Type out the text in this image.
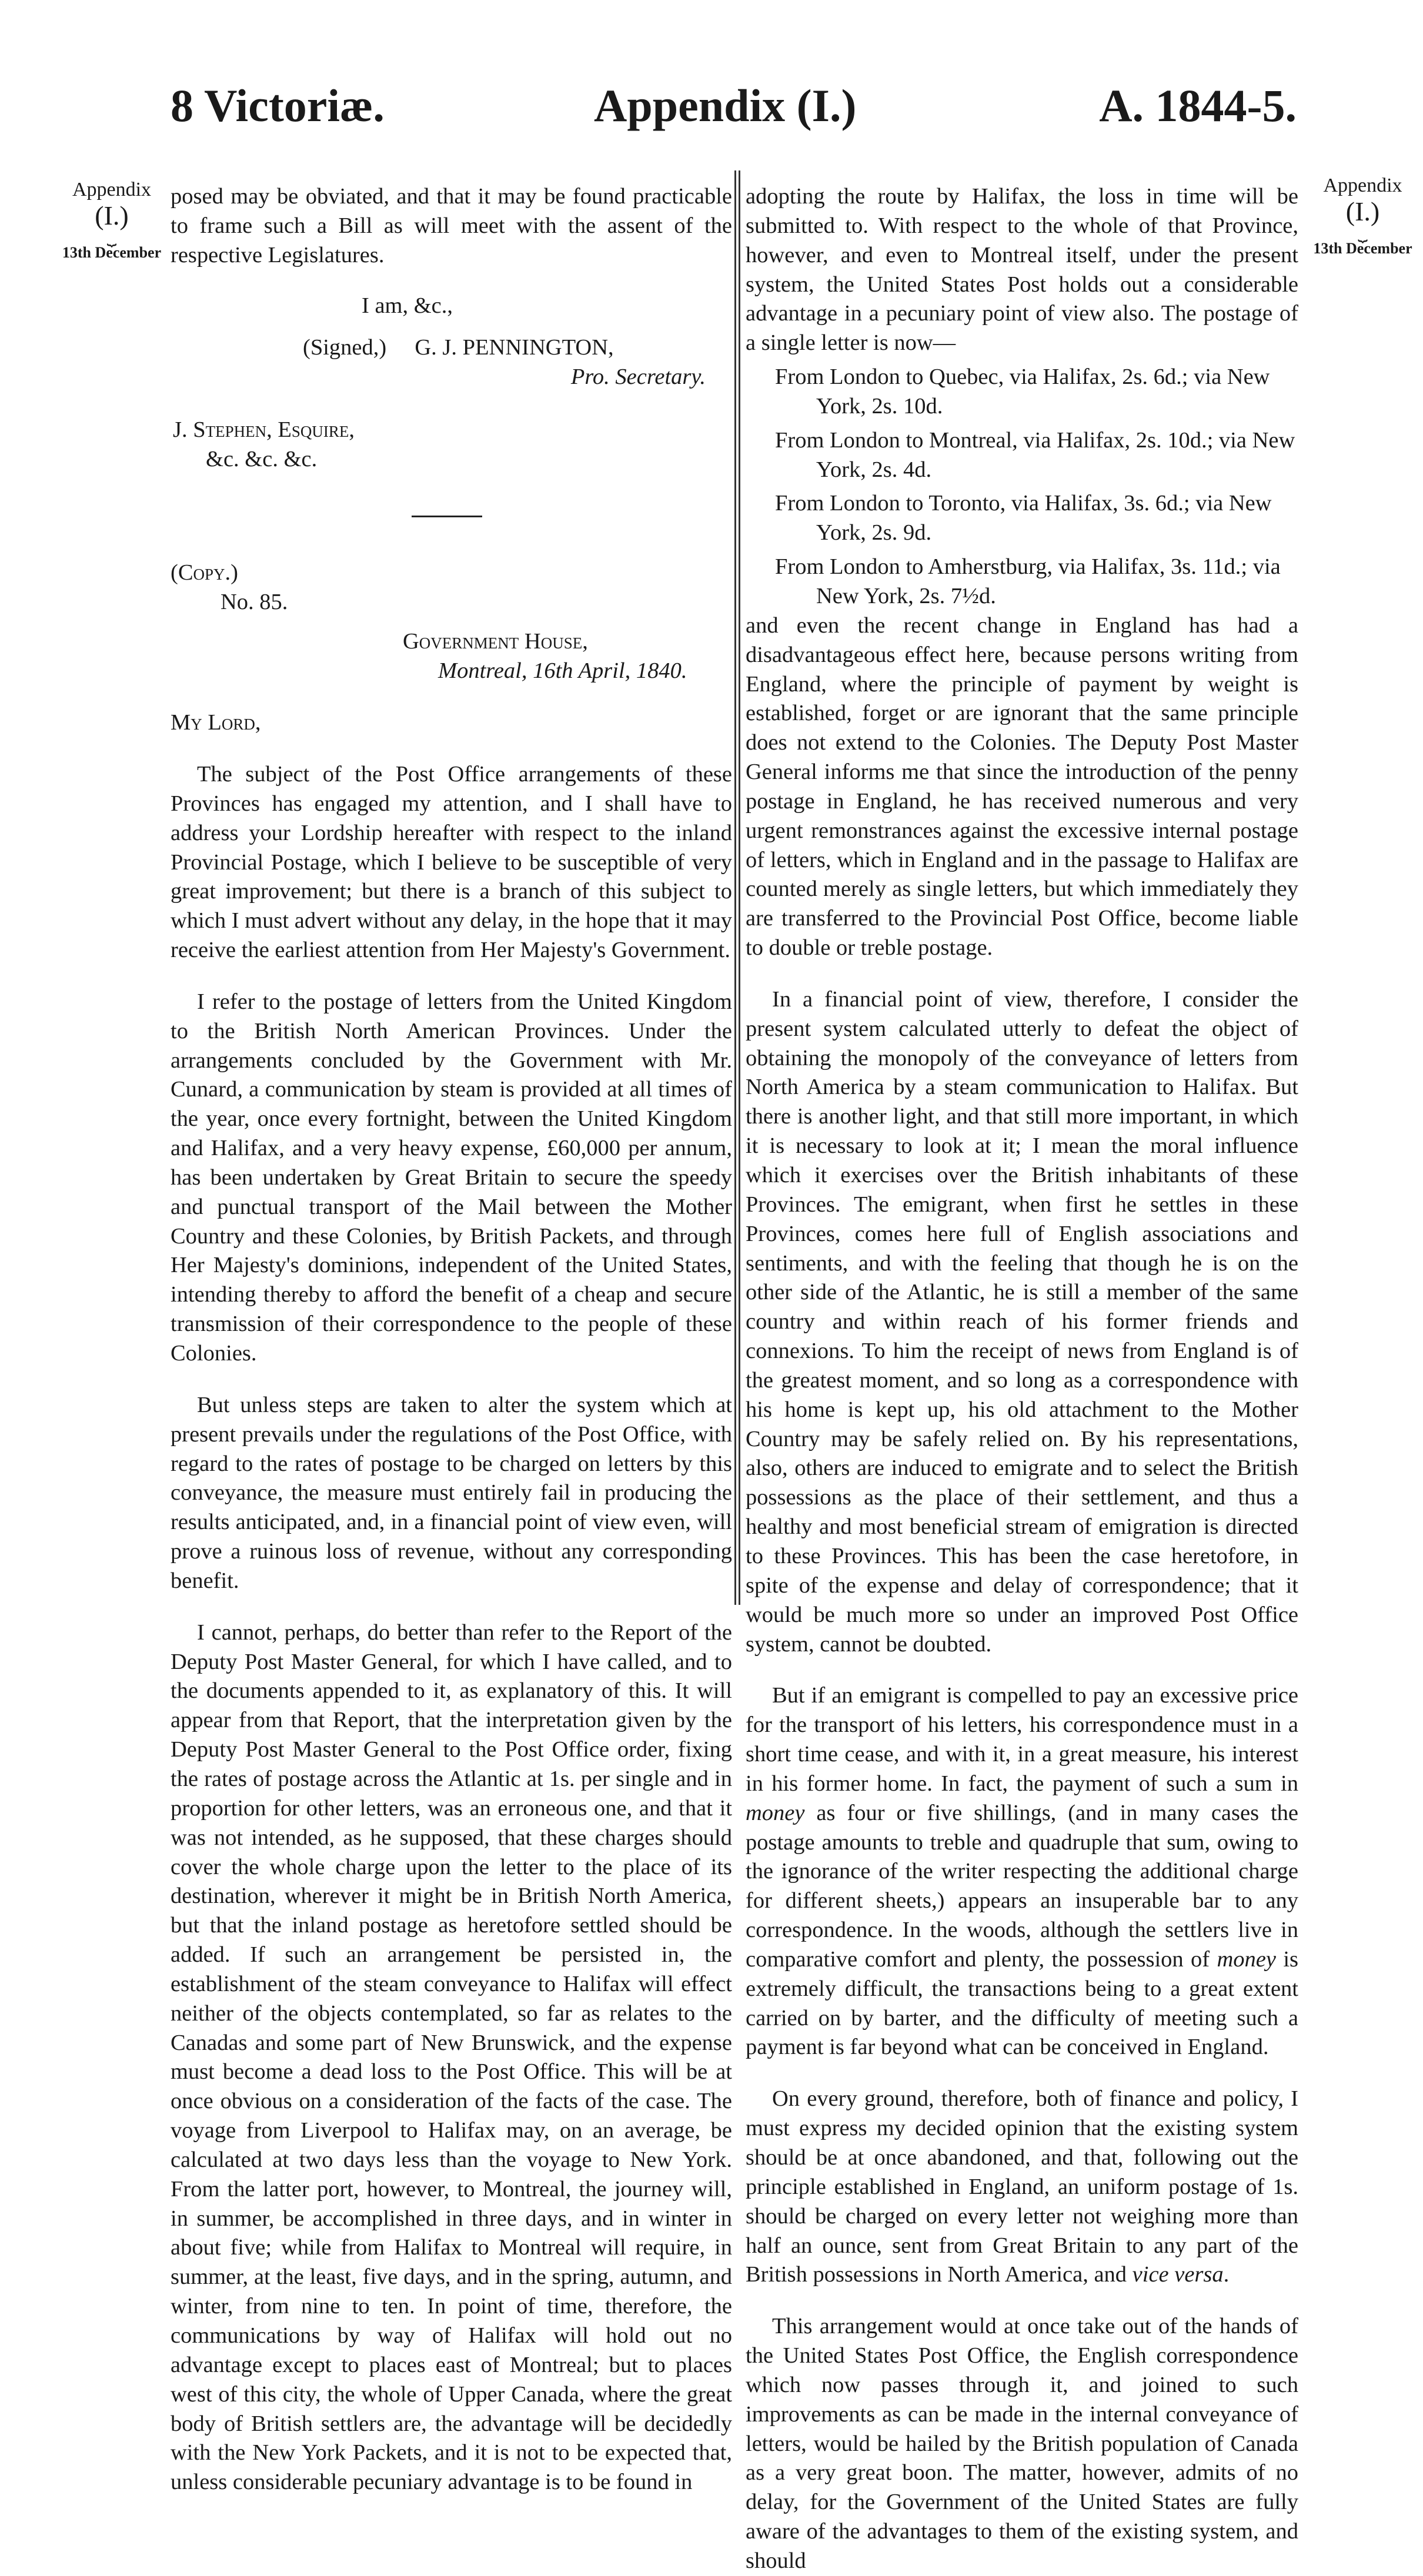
8 Victoriæ.	Appendix (I.)	A. 1844-5.
Appendix
(I.)
⏟
13th December
Appendix
(I.)
⏟
13th December

posed may be obviated, and that it may be found practicable to frame such a Bill as will meet with the assent of the respective Legislatures.

I am, &c.,

(Signed,) G. J. PENNINGTON,

Pro. Secretary.

J. Stephen, Esquire,

&c. &c. &c.

(Copy.)

No. 85.

Government House,

Montreal, 16th April, 1840.

My Lord,

The subject of the Post Office arrangements of these Provinces has engaged my attention, and I shall have to address your Lordship hereafter with respect to the inland Provincial Postage, which I believe to be susceptible of very great improvement; but there is a branch of this subject to which I must advert without any delay, in the hope that it may receive the earliest attention from Her Majesty's Government.

I refer to the postage of letters from the United Kingdom to the British North American Provinces. Under the arrangements concluded by the Government with Mr. Cunard, a communication by steam is provided at all times of the year, once every fortnight, between the United Kingdom and Halifax, and a very heavy expense, £60,000 per annum, has been undertaken by Great Britain to secure the speedy and punctual transport of the Mail between the Mother Country and these Colonies, by British Packets, and through Her Majesty's dominions, independent of the United States, intending thereby to afford the benefit of a cheap and secure transmission of their correspondence to the people of these Colonies.

But unless steps are taken to alter the system which at present prevails under the regulations of the Post Office, with regard to the rates of postage to be charged on letters by this conveyance, the measure must entirely fail in producing the results anticipated, and, in a financial point of view even, will prove a ruinous loss of revenue, without any corresponding benefit.

I cannot, perhaps, do better than refer to the Report of the Deputy Post Master General, for which I have called, and to the documents appended to it, as explanatory of this. It will appear from that Report, that the interpretation given by the Deputy Post Master General to the Post Office order, fixing the rates of postage across the Atlantic at 1s. per single and in proportion for other letters, was an erroneous one, and that it was not intended, as he supposed, that these charges should cover the whole charge upon the letter to the place of its destination, wherever it might be in British North America, but that the inland postage as heretofore settled should be added. If such an arrangement be persisted in, the establishment of the steam conveyance to Halifax will effect neither of the objects contemplated, so far as relates to the Canadas and some part of New Brunswick, and the expense must become a dead loss to the Post Office. This will be at once obvious on a consideration of the facts of the case. The voyage from Liverpool to Halifax may, on an average, be calculated at two days less than the voyage to New York. From the latter port, however, to Montreal, the journey will, in summer, be accomplished in three days, and in winter in about five; while from Halifax to Montreal will require, in summer, at the least, five days, and in the spring, autumn, and winter, from nine to ten. In point of time, therefore, the communications by way of Halifax will hold out no advantage except to places east of Montreal; but to places west of this city, the whole of Upper Canada, where the great body of British settlers are, the advantage will be decidedly with the New York Packets, and it is not to be expected that, unless considerable pecuniary advantage is to be found in

adopting the route by Halifax, the loss in time will be submitted to. With respect to the whole of that Province, however, and even to Montreal itself, under the present system, the United States Post holds out a considerable advantage in a pecuniary point of view also. The postage of a single letter is now—

From London to Quebec, via Halifax, 2s. 6d.; via New York, 2s. 10d.

From London to Montreal, via Halifax, 2s. 10d.; via New York, 2s. 4d.

From London to Toronto, via Halifax, 3s. 6d.; via New York, 2s. 9d.

From London to Amherstburg, via Halifax, 3s. 11d.; via New York, 2s. 7½d.

and even the recent change in England has had a disadvantageous effect here, because persons writing from England, where the principle of payment by weight is established, forget or are ignorant that the same principle does not extend to the Colonies. The Deputy Post Master General informs me that since the introduction of the penny postage in England, he has received numerous and very urgent remonstrances against the excessive internal postage of letters, which in England and in the passage to Halifax are counted merely as single letters, but which immediately they are transferred to the Provincial Post Office, become liable to double or treble postage.

In a financial point of view, therefore, I consider the present system calculated utterly to defeat the object of obtaining the monopoly of the conveyance of letters from North America by a steam communication to Halifax. But there is another light, and that still more important, in which it is necessary to look at it; I mean the moral influence which it exercises over the British inhabitants of these Provinces. The emigrant, when first he settles in these Provinces, comes here full of English associations and sentiments, and with the feeling that though he is on the other side of the Atlantic, he is still a member of the same country and within reach of his former friends and connexions. To him the receipt of news from England is of the greatest moment, and so long as a correspondence with his home is kept up, his old attachment to the Mother Country may be safely relied on. By his representations, also, others are induced to emigrate and to select the British possessions as the place of their settlement, and thus a healthy and most beneficial stream of emigration is directed to these Provinces. This has been the case heretofore, in spite of the expense and delay of correspondence; that it would be much more so under an improved Post Office system, cannot be doubted.

But if an emigrant is compelled to pay an excessive price for the transport of his letters, his correspondence must in a short time cease, and with it, in a great measure, his interest in his former home. In fact, the payment of such a sum in money as four or five shillings, (and in many cases the postage amounts to treble and quadruple that sum, owing to the ignorance of the writer respecting the additional charge for different sheets,) appears an insuperable bar to any correspondence. In the woods, although the settlers live in comparative comfort and plenty, the possession of money is extremely difficult, the transactions being to a great extent carried on by barter, and the difficulty of meeting such a payment is far beyond what can be conceived in England.

On every ground, therefore, both of finance and policy, I must express my decided opinion that the existing system should be at once abandoned, and that, following out the principle established in England, an uniform postage of 1s. should be charged on every letter not weighing more than half an ounce, sent from Great Britain to any part of the British possessions in North America, and vice versa.

This arrangement would at once take out of the hands of the United States Post Office, the English correspondence which now passes through it, and joined to such improvements as can be made in the internal conveyance of letters, would be hailed by the British population of Canada as a very great boon. The matter, however, admits of no delay, for the Government of the United States are fully aware of the advantages to them of the existing system, and should
